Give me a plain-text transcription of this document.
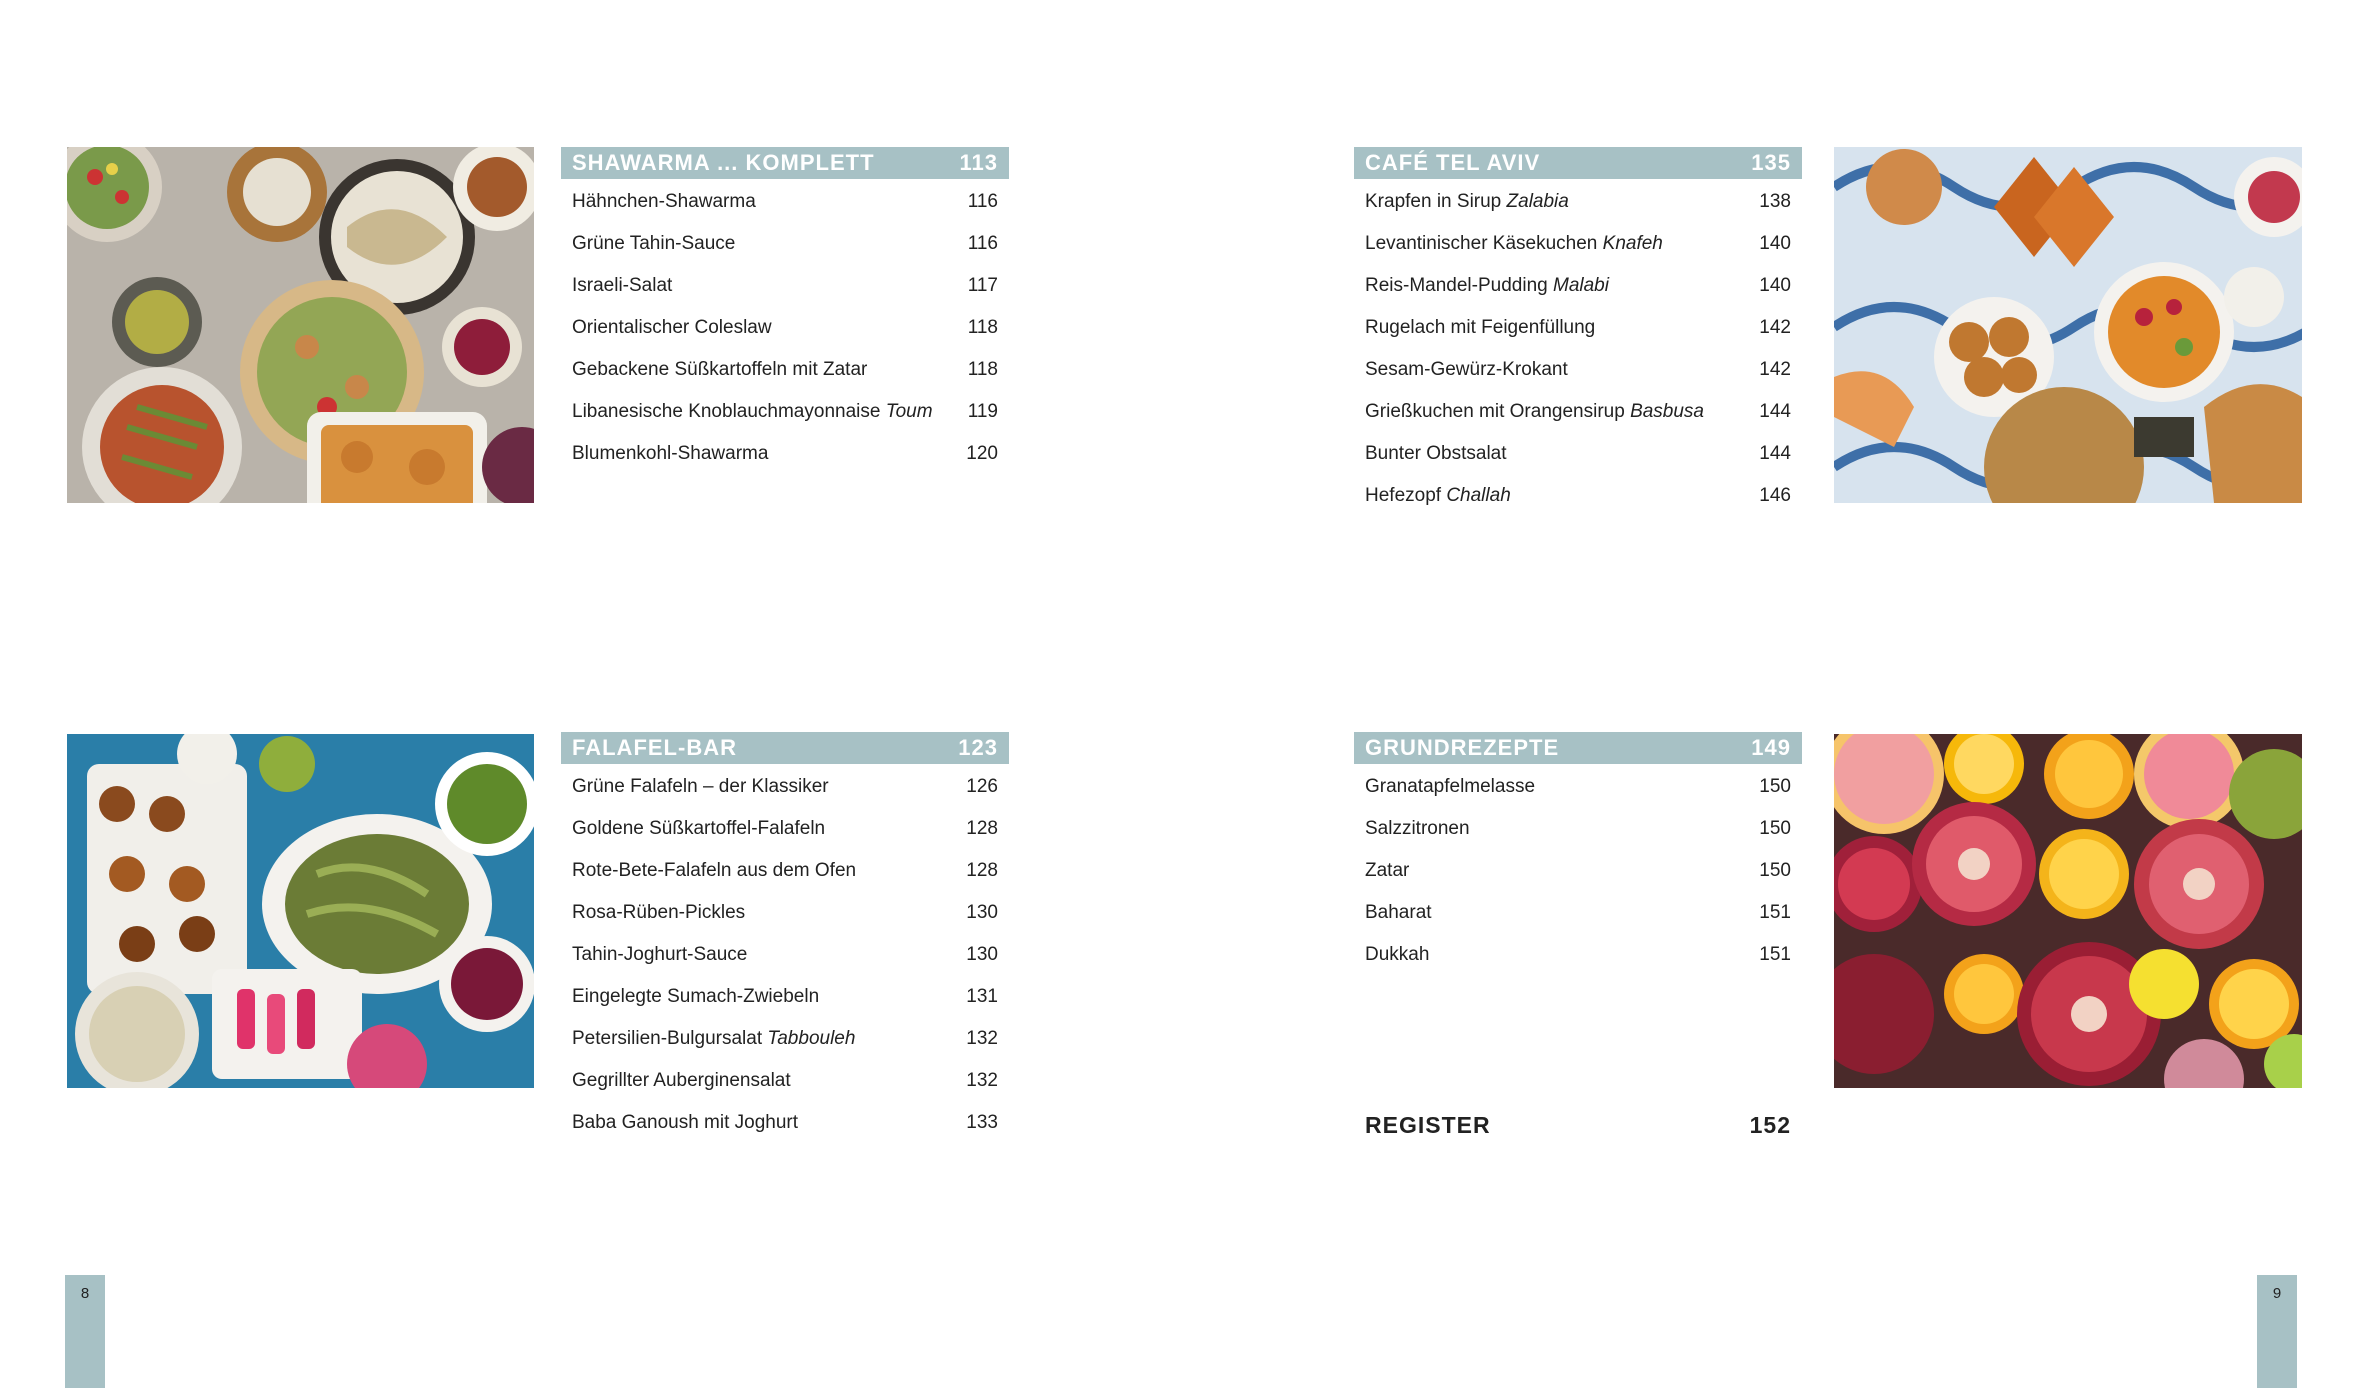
SHAWARMA ... KOMPLETT	113
Hähnchen-Shawarma	116
Grüne Tahin-Sauce	116
Israeli-Salat	117
Orientalischer Coleslaw	118
Gebackene Süßkartoffeln mit Zatar	118
Libanesische Knoblauchmayonnaise Toum 119
Blumenkohl-Shawarma	120
CAFÉ TEL AVIV	135
Krapfen in Sirup Zalabia	138
Levantinischer Käsekuchen Knafeh	140
Reis-Mandel-Pudding Malabi	140
Rugelach mit Feigenfüllung	142
Sesam-Gewürz-Krokant	142
Grießkuchen mit Orangensirup Basbusa	144
Bunter Obstsalat	144
Hefezopf Challah	146
FALAFEL-BAR	123
Grüne Falafeln – der Klassiker	126
Goldene Süßkartoffel-Falafeln	128
Rote-Bete-Falafeln aus dem Ofen	128
Rosa-Rüben-Pickles	130
Tahin-Joghurt-Sauce	130
Eingelegte Sumach-Zwiebeln	131
Petersilien-Bulgursalat Tabbouleh	132
Gegrillter Auberginensalat	132
Baba Ganoush mit Joghurt	133
GRUNDREZEPTE	149
Granatapfelmelasse	150
Salzzitronen	150
Zatar	150
Baharat	151
Dukkah	151
REGISTER	152
8	9
